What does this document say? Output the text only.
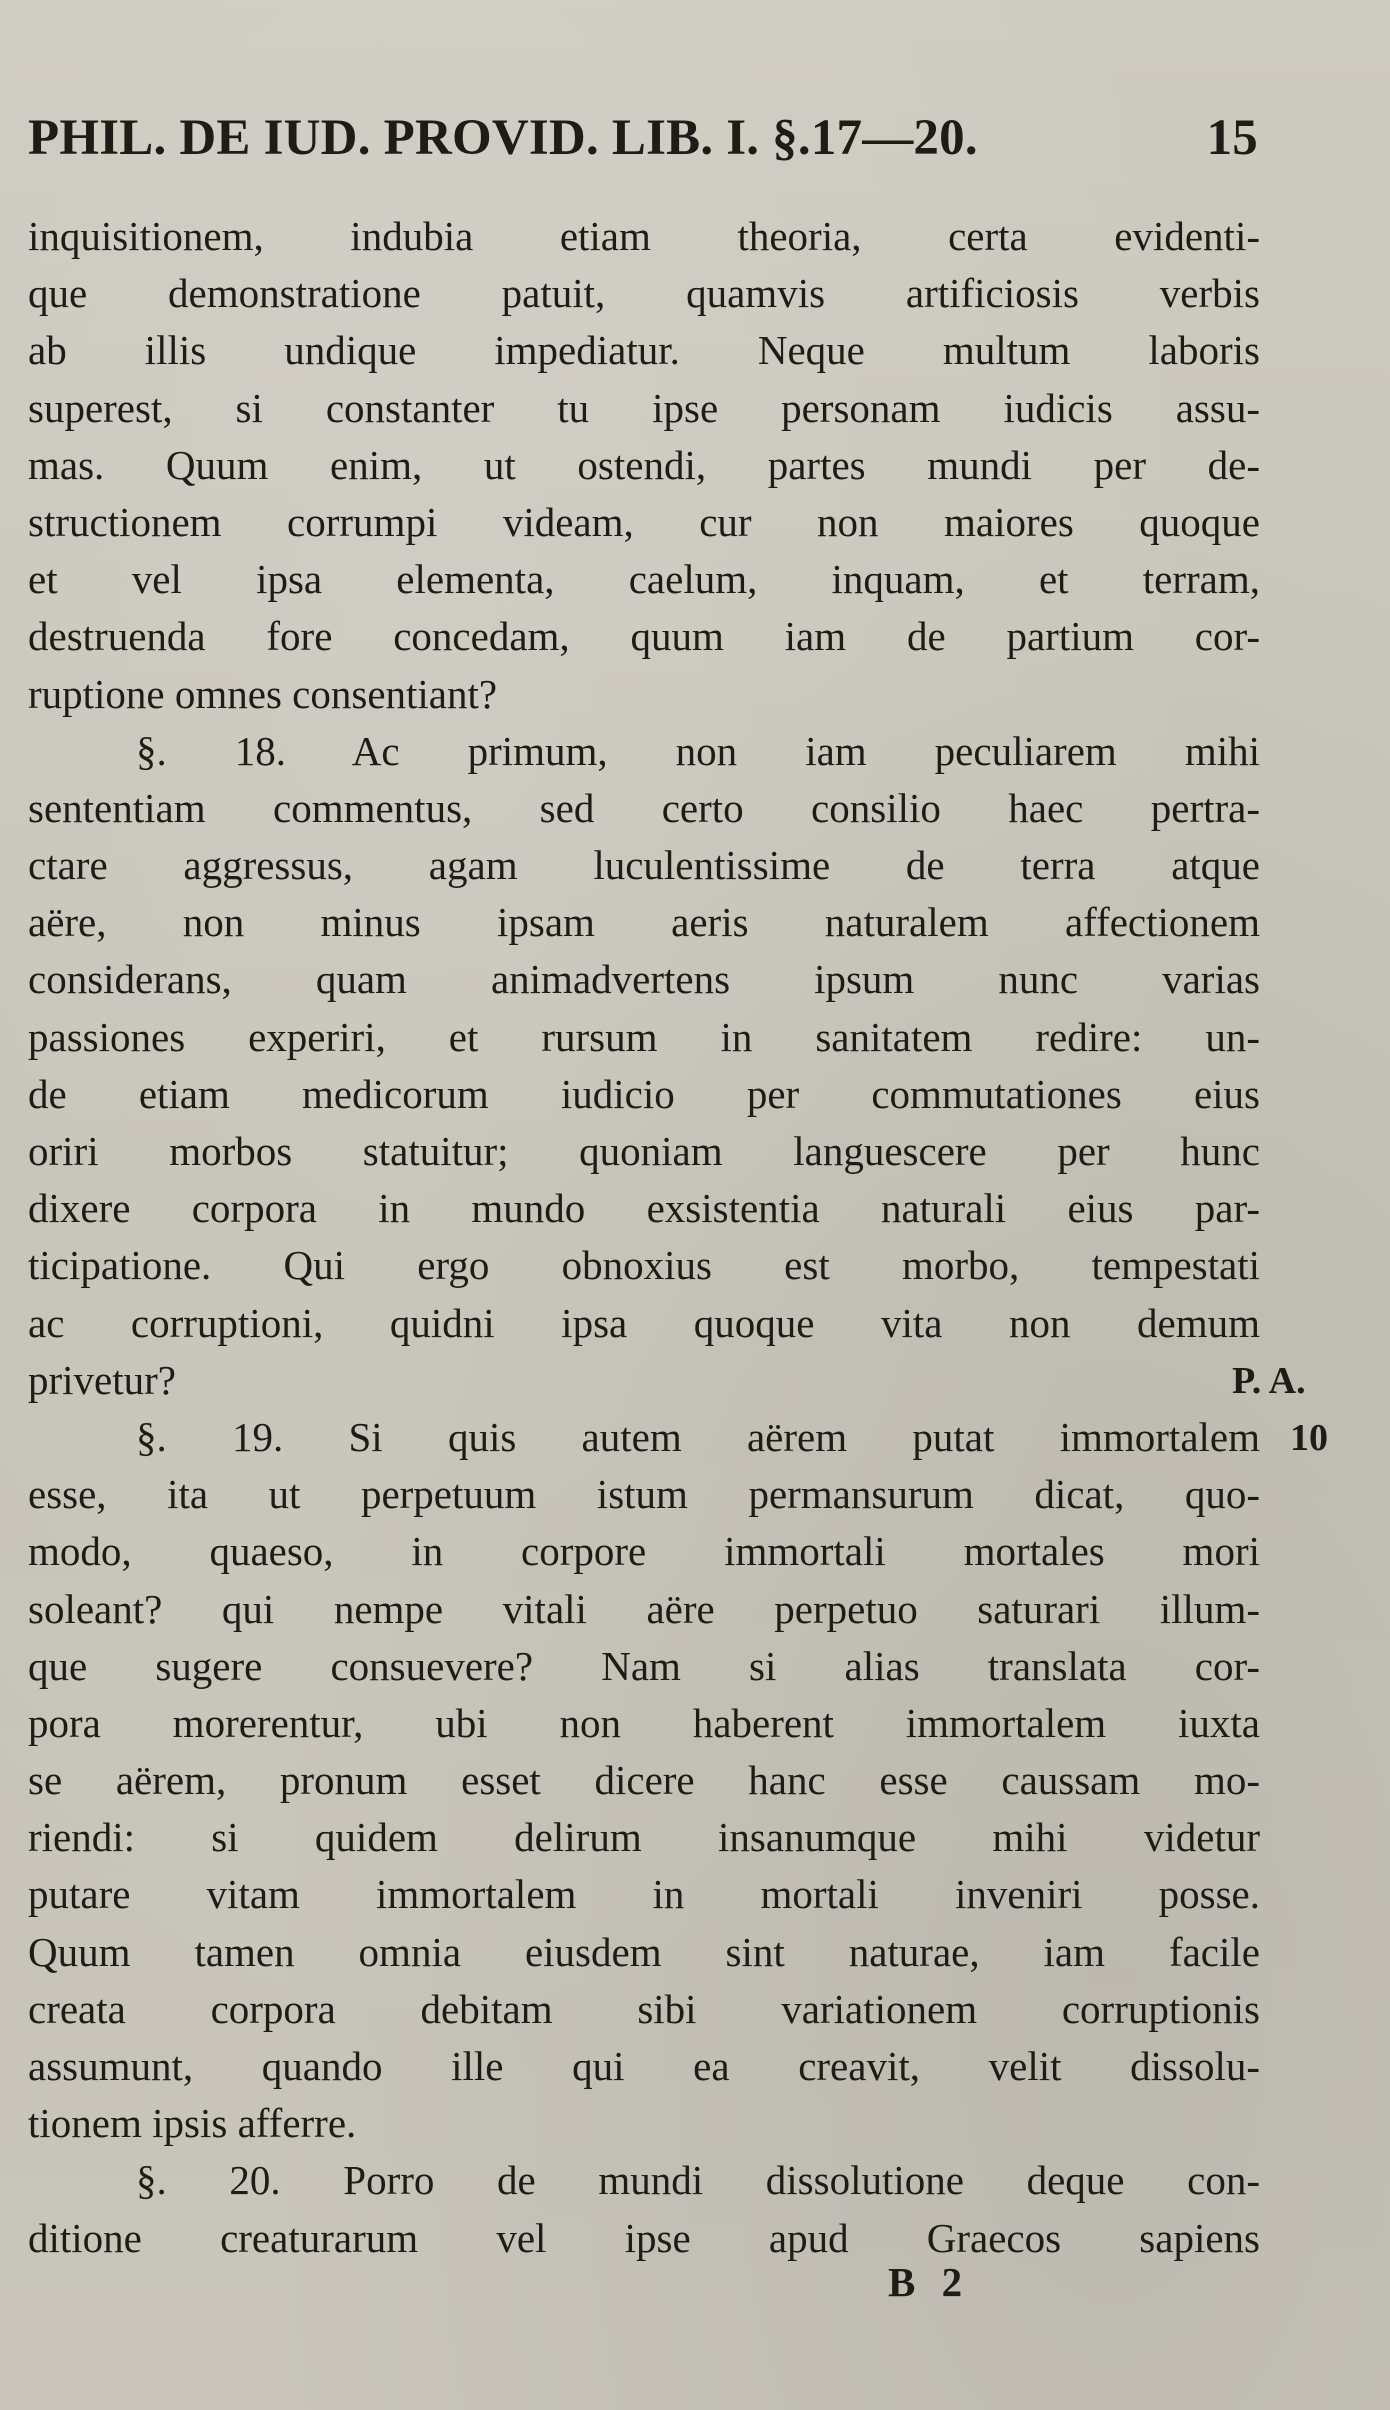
PHIL. DE IUD. PROVID. LIB. I. §.17—20.	15
inquisitionem, indubia etiam theoria, certa evidenti-
que demonstratione patuit, quamvis artificiosis verbis
ab illis undique impediatur. Neque multum laboris
superest, si constanter tu ipse personam iudicis assu-
mas. Quum enim, ut ostendi, partes mundi per de-
structionem corrumpi videam, cur non maiores quoque
et vel ipsa elementa, caelum, inquam, et terram,
destruenda fore concedam, quum iam de partium cor-
ruptione omnes consentiant?
§. 18. Ac primum, non iam peculiarem mihi
sententiam commentus, sed certo consilio haec pertra-
ctare aggressus, agam luculentissime de terra atque
aëre, non minus ipsam aeris naturalem affectionem
considerans, quam animadvertens ipsum nunc varias
passiones experiri, et rursum in sanitatem redire: un-
de etiam medicorum iudicio per commutationes eius
oriri morbos statuitur; quoniam languescere per hunc
dixere corpora in mundo exsistentia naturali eius par-
ticipatione. Qui ergo obnoxius est morbo, tempestati
ac corruptioni, quidni ipsa quoque vita non demum
privetur?
§. 19. Si quis autem aërem putat immortalem
esse, ita ut perpetuum istum permansurum dicat, quo-
modo, quaeso, in corpore immortali mortales mori
soleant? qui nempe vitali aëre perpetuo saturari illum-
que sugere consuevere? Nam si alias translata cor-
pora morerentur, ubi non haberent immortalem iuxta
se aërem, pronum esset dicere hanc esse caussam mo-
riendi: si quidem delirum insanumque mihi videtur
putare vitam immortalem in mortali inveniri posse.
Quum tamen omnia eiusdem sint naturae, iam facile
creata corpora debitam sibi variationem corruptionis
assumunt, quando ille qui ea creavit, velit dissolu-
tionem ipsis afferre.
§. 20. Porro de mundi dissolutione deque con-
ditione creaturarum vel ipse apud Graecos sapiens
P. A.
10
B 2
